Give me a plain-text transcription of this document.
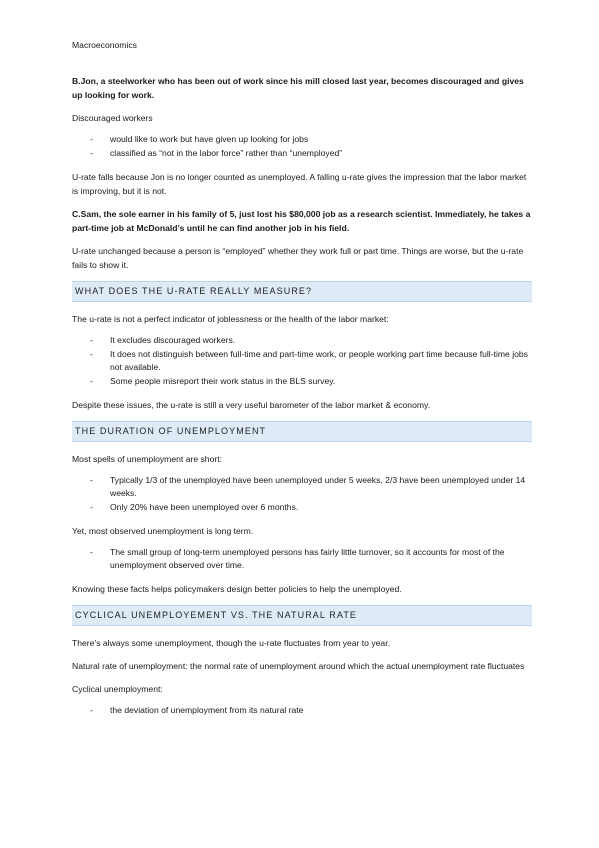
Macroeconomics

B.Jon, a steelworker who has been out of work since his mill closed last year, becomes discouraged and gives up looking for work.

Discouraged workers

- would like to work but have given up looking for jobs
- classified as “not in the labor force” rather than “unemployed”

U-rate falls because Jon is no longer counted as unemployed. A falling u-rate gives the impression that the labor market is improving, but it is not.

C.Sam, the sole earner in his family of 5, just lost his $80,000 job as a research scientist. Immediately, he takes a part-time job at McDonald’s until he can find another job in his field.

U-rate unchanged because a person is “employed” whether they work full or part time. Things are worse, but the u-rate fails to show it.

WHAT DOES THE U-RATE REALLY MEASURE?

The u-rate is not a perfect indicator of joblessness or the health of the labor market:

- It excludes discouraged workers.
- It does not distinguish between full-time and part-time work, or people working part time because full-time jobs not available.
- Some people misreport their work status in the BLS survey.

Despite these issues, the u-rate is still a very useful barometer of the labor market & economy.

THE DURATION OF UNEMPLOYMENT

Most spells of unemployment are short:

- Typically 1/3 of the unemployed have been unemployed under 5 weeks, 2/3 have been unemployed under 14 weeks.
- Only 20% have been unemployed over 6 months.

Yet, most observed unemployment is long term.

- The small group of long-term unemployed persons has fairly little turnover, so it accounts for most of the unemployment observed over time.

Knowing these facts helps policymakers design better policies to help the unemployed.

CYCLICAL UNEMPLOYEMENT VS. THE NATURAL RATE

There’s always some unemployment, though the u-rate fluctuates from year to year.

Natural rate of unemployment: the normal rate of unemployment around which the actual unemployment rate fluctuates

Cyclical unemployment:

- the deviation of unemployment from its natural rate
